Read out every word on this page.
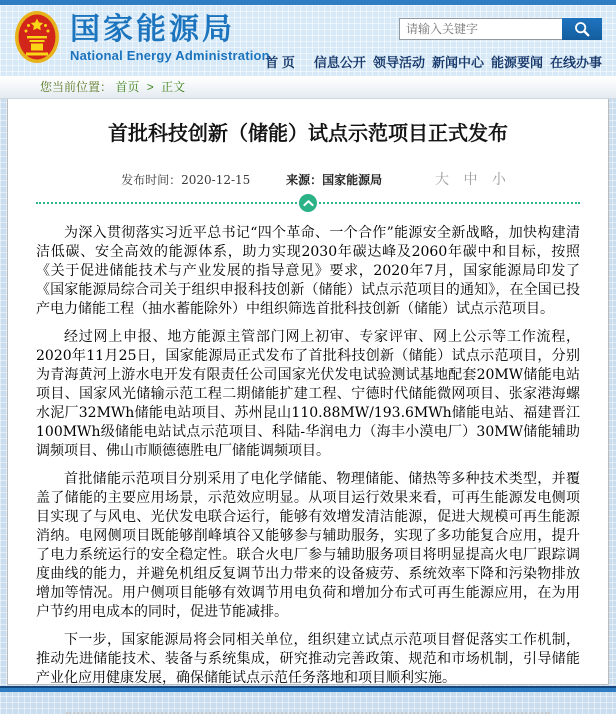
国家能源局
National Energy Administration
请输入关键字
首 页 信息公开 领导活动 新闻中心 能源要闻 在线办事
您当前位置： 首页 > 正文
首批科技创新（储能）试点示范项目正式发布
发布时间：2020-12-15	来源：国家能源局	大 中 小

为深入贯彻落实习近平总书记“四个革命、一个合作”能源安全新战略，加快构建清洁低碳、安全高效的能源体系，助力实现2030年碳达峰及2060年碳中和目标，按照《关于促进储能技术与产业发展的指导意见》要求，2020年7月，国家能源局印发了《国家能源局综合司关于组织申报科技创新（储能）试点示范项目的通知》，在全国已投产电力储能工程（抽水蓄能除外）中组织筛选首批科技创新（储能）试点示范项目。

经过网上申报、地方能源主管部门网上初审、专家评审、网上公示等工作流程，2020年11月25日，国家能源局正式发布了首批科技创新（储能）试点示范项目，分别为青海黄河上游水电开发有限责任公司国家光伏发电试验测试基地配套20MW储能电站项目、国家风光储输示范工程二期储能扩建工程、宁德时代储能微网项目、张家港海螺水泥厂32MWh储能电站项目、苏州昆山110.88MW/193.6MWh储能电站、福建晋江100MWh级储能电站试点示范项目、科陆-华润电力（海丰小漠电厂）30MW储能辅助调频项目、佛山市顺德德胜电厂储能调频项目。

首批储能示范项目分别采用了电化学储能、物理储能、储热等多种技术类型，并覆盖了储能的主要应用场景，示范效应明显。从项目运行效果来看，可再生能源发电侧项目实现了与风电、光伏发电联合运行，能够有效增发清洁能源，促进大规模可再生能源消纳。电网侧项目既能够削峰填谷又能够参与辅助服务，实现了多功能复合应用，提升了电力系统运行的安全稳定性。联合火电厂参与辅助服务项目将明显提高火电厂跟踪调度曲线的能力，并避免机组反复调节出力带来的设备疲劳、系统效率下降和污染物排放增加等情况。用户侧项目能够有效调节用电负荷和增加分布式可再生能源应用，在为用户节约用电成本的同时，促进节能减排。

下一步，国家能源局将会同相关单位，组织建立试点示范项目督促落实工作机制，推动先进储能技术、装备与系统集成，研究推动完善政策、规范和市场机制，引导储能产业化应用健康发展，确保储能试点示范任务落地和项目顺利实施。
